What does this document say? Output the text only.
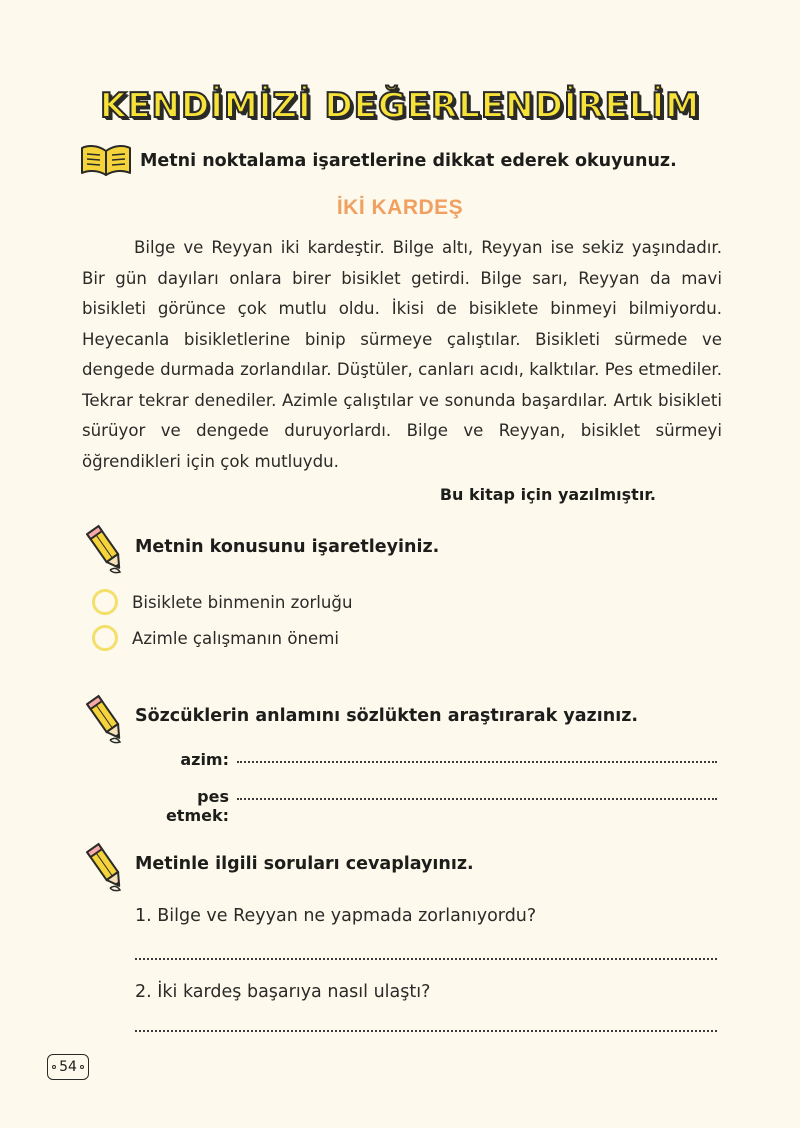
KENDİMİZİ DEĞERLENDİRELİM
Metni noktalama işaretlerine dikkat ederek okuyunuz.
İKİ KARDEŞ

Bilge ve Reyyan iki kardeştir. Bilge altı, Reyyan ise sekiz yaşındadır. Bir gün dayıları onlara birer bisiklet getirdi. Bilge sarı, Reyyan da mavi bisikleti görünce çok mutlu oldu. İkisi de bisiklete binmeyi bilmiyordu. Heyecanla bisikletlerine binip sürmeye çalıştılar. Bisikleti sürmede ve dengede durmada zorlandılar. Düştüler, canları acıdı, kalktılar. Pes etmediler. Tekrar tekrar denediler. Azimle çalıştılar ve sonunda başardılar. Artık bisikleti sürüyor ve dengede duruyorlardı. Bilge ve Reyyan, bisiklet sürmeyi öğrendikleri için çok mutluydu.

Bu kitap için yazılmıştır.
Metnin konusunu işaretleyiniz.
Bisiklete binmenin zorluğu
Azimle çalışmanın önemi
Sözcüklerin anlamını sözlükten araştırarak yazınız.
azim:
pes etmek:
Metinle ilgili soruları cevaplayınız.
1. Bilge ve Reyyan ne yapmada zorlanıyordu?
2. İki kardeş başarıya nasıl ulaştı?
54
